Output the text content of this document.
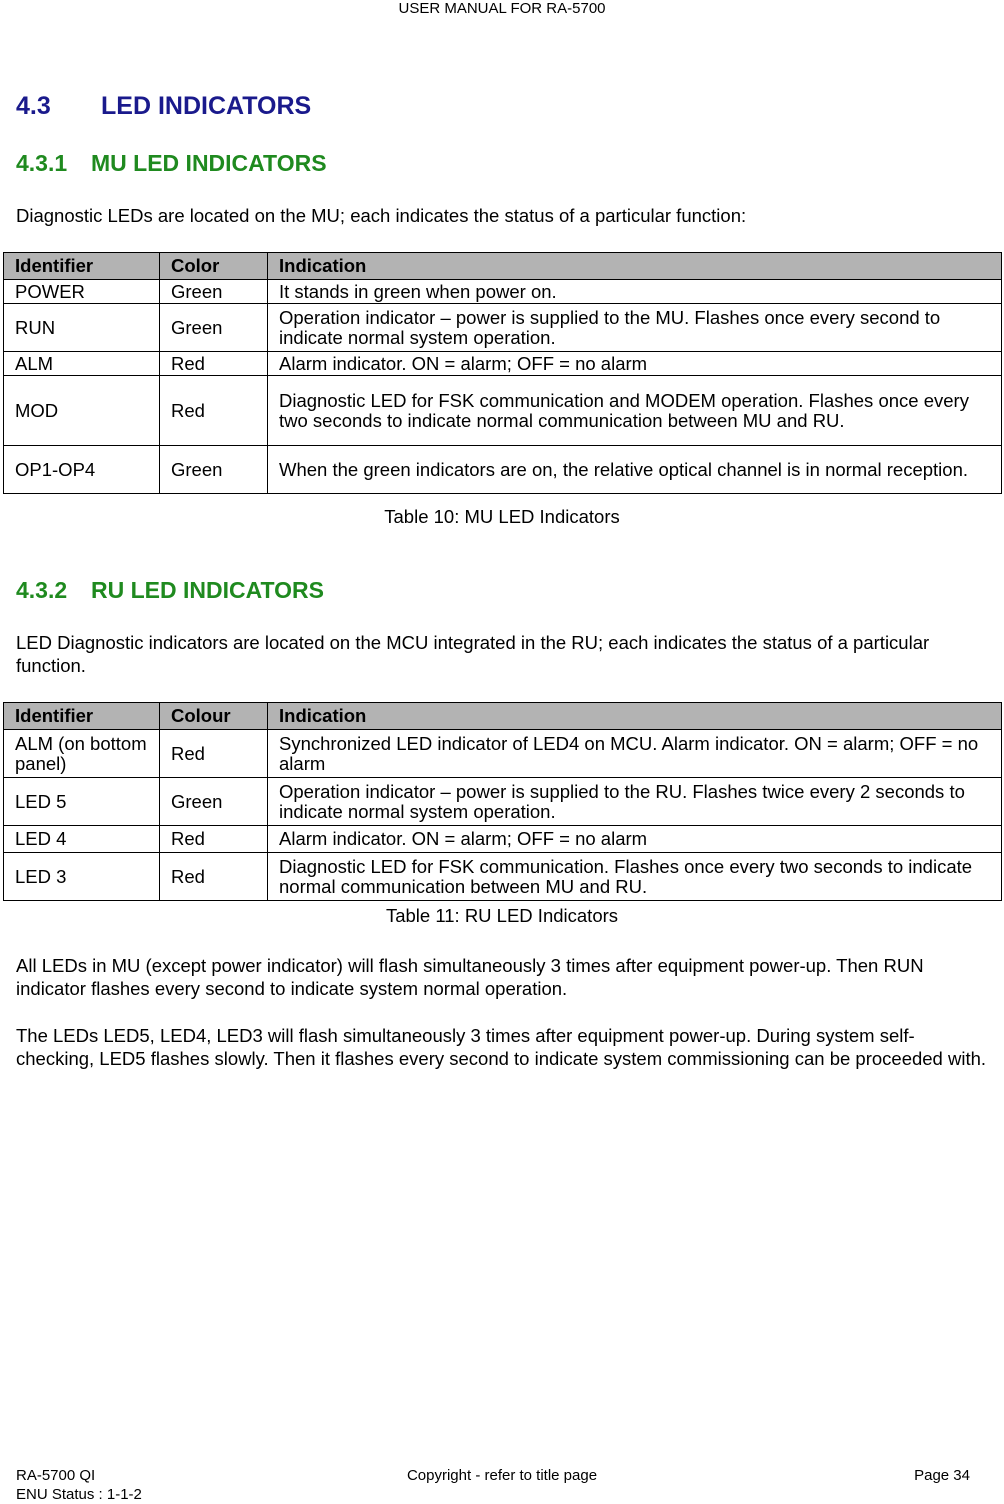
USER MANUAL FOR RA-5700
4.3 LED INDICATORS
4.3.1 MU LED INDICATORS

Diagnostic LEDs are located on the MU; each indicates the status of a particular function:

Identifier	Color	Indication
POWER	Green	It stands in green when power on.
RUN	Green	Operation indicator – power is supplied to the MU. Flashes once every second to indicate normal system operation.
ALM	Red	Alarm indicator. ON = alarm; OFF = no alarm
MOD	Red	Diagnostic LED for FSK communication and MODEM operation. Flashes once every two seconds to indicate normal communication between MU and RU.
OP1-OP4	Green	When the green indicators are on, the relative optical channel is in normal reception.
Table 10: MU LED Indicators
4.3.2 RU LED INDICATORS

LED Diagnostic indicators are located on the MCU integrated in the RU; each indicates the status of a particular function.

Identifier	Colour	Indication
ALM (on bottom panel)	Red	Synchronized LED indicator of LED4 on MCU. Alarm indicator. ON = alarm; OFF = no alarm
LED 5	Green	Operation indicator – power is supplied to the RU. Flashes twice every 2 seconds to indicate normal system operation.
LED 4	Red	Alarm indicator. ON = alarm; OFF = no alarm
LED 3	Red	Diagnostic LED for FSK communication. Flashes once every two seconds to indicate normal communication between MU and RU.
Table 11: RU LED Indicators

All LEDs in MU (except power indicator) will flash simultaneously 3 times after equipment power-up. Then RUN indicator flashes every second to indicate system normal operation.

The LEDs LED5, LED4, LED3 will flash simultaneously 3 times after equipment power-up. During system self-checking, LED5 flashes slowly. Then it flashes every second to indicate system commissioning can be proceeded with.

RA-5700 QI
ENU Status : 1-1-2
Copyright - refer to title page	Page 34
